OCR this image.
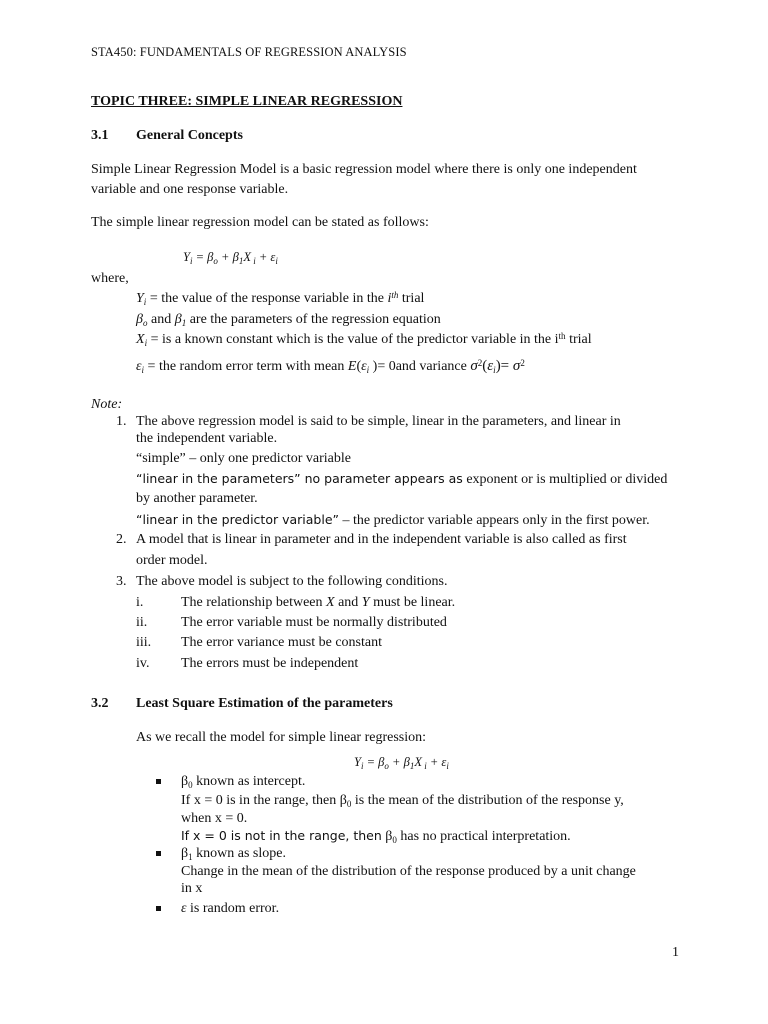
STA450: FUNDAMENTALS OF REGRESSION ANALYSIS
TOPIC THREE: SIMPLE LINEAR REGRESSION
3.1 General Concepts
Simple Linear Regression Model is a basic regression model where there is only one independent
variable and one response variable.
The simple linear regression model can be stated as follows:
$Y_i = \beta_o + \beta_1X$ $_i + \varepsilon_i$
where,
$Y_i$ = the value of the response variable in the $i^{th}$ trial
$\beta_o$ and $\beta_1$ are the parameters of the regression equation
$X_i$ = is a known constant which is the value of the predictor variable in the $i^{th}$ trial
$\varepsilon_i$ = the random error term with mean $E(\varepsilon_i$ )= 0and variance $\sigma^2(\varepsilon_i)= \sigma^2$
Note:
1. The above regression model is said to be simple, linear in the parameters, and linear in
the independent variable.
“simple” – only one predictor variable
“linear in the parameters” no parameter appears as exponent or is multiplied or divided
by another parameter.
“linear in the predictor variable” – the predictor variable appears only in the first power.
2. A model that is linear in parameter and in the independent variable is also called as first
order model.
3. The above model is subject to the following conditions.
i.	The relationship between X and Y must be linear.
ii. The error variable must be normally distributed
iii. The error variance must be constant
iv. The errors must be independent
3.2 Least Square Estimation of the parameters
As we recall the model for simple linear regression:
$Y_i = \beta_o + \beta_1X$ $_i + \varepsilon_i$
$\beta_0$ known as intercept.
If x = 0 is in the range, then $\beta_0$ is the mean of the distribution of the response y,
when x = 0.
If x = 0 is not in the range, then $\beta_0$ has no practical interpretation.
$\beta_1$ known as slope.
Change in the mean of the distribution of the response produced by a unit change
in x
ε is random error.
1
